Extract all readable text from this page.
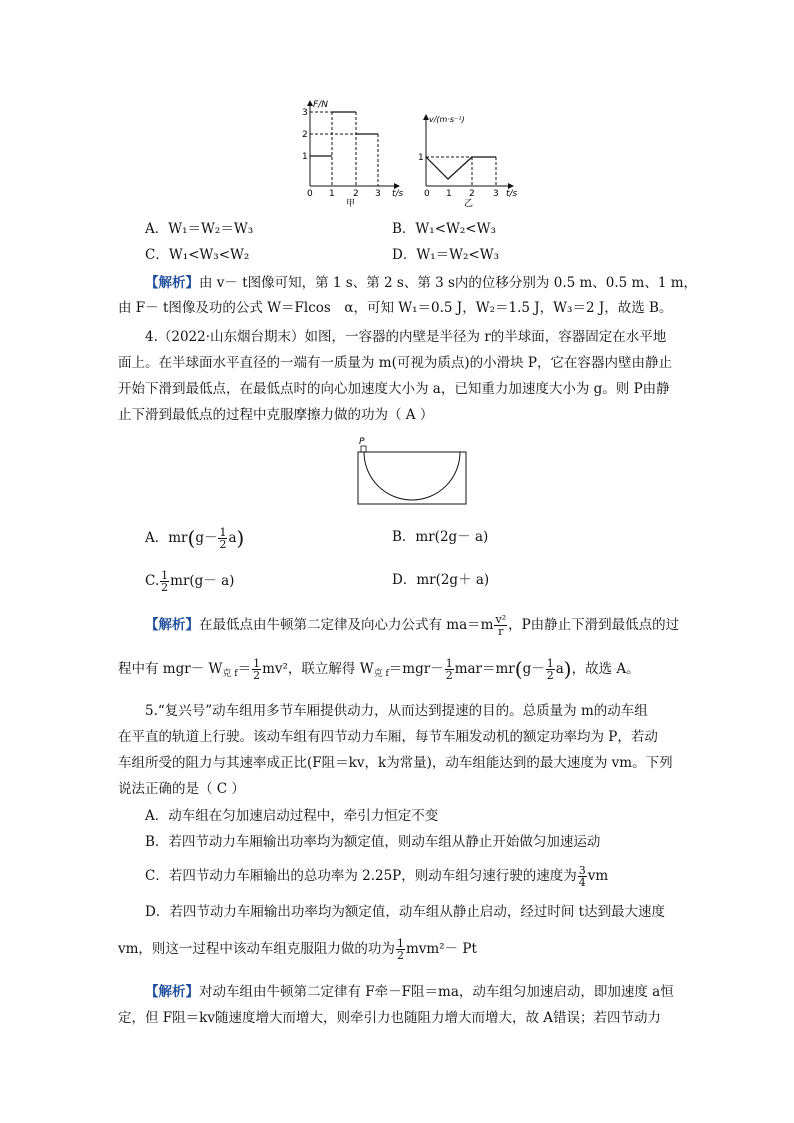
F/N
3
2
1
0 1 2 3 t/s
甲
v/(m·s⁻¹)
1
0 1 2 3 t/s
乙
A．W₁＝W₂＝W₃	B．W₁<W₂<W₃
C．W₁<W₃<W₂	D．W₁＝W₂<W₃
【解析】由 v－ t图像可知，第 1 s、第 2 s、第 3 s内的位移分别为 0.5 m、0.5 m、1 m，
由 F－ t图像及功的公式 W＝Flcos　α，可知 W₁＝0.5 J，W₂＝1.5 J，W₃＝2 J，故选 B。
4.（2022·山东烟台期末）如图，一容器的内壁是半径为 r的半球面，容器固定在水平地
面上。在半球面水平直径的一端有一质量为 m(可视为质点)的小滑块 P，它在容器内壁由静止
开始下滑到最低点，在最低点时的向心加速度大小为 a，已知重力加速度大小为 g。则 P由静
止下滑到最低点的过程中克服摩擦力做的功为（ A ）
P
A．$mr(g- \frac{1}{2} a)$	B．mr(2g－ a)
C. $\frac{1}{2} mr(g- a)$	D．mr(2g＋ a)
【解析】在最低点由牛顿第二定律及向心力公式有 $ma=m \frac{\text{v²}}{r}$ ，P由静止下滑到最低点的过
程中有 $mgr- W_{克 f}= \frac{1}{2} mv^2$，联立解得 $W_{克 f}=mgr- \frac{1}{2} mar=mr(g- \frac{1}{2} a)$，故选 A。
5.“复兴号”动车组用多节车厢提供动力，从而达到提速的目的。总质量为 m的动车组
在平直的轨道上行驶。该动车组有四节动力车厢，每节车厢发动机的额定功率均为 P，若动
车组所受的阻力与其速率成正比(F阻＝kv，k为常量)，动车组能达到的最大速度为 vm。下列
说法正确的是（ C ）
A．动车组在匀加速启动过程中，牵引力恒定不变
B．若四节动力车厢输出功率均为额定值，则动车组从静止开始做匀加速运动
C．若四节动力车厢输出的总功率为 2.25P，则动车组匀速行驶的速度为 $\frac{3}{4}$ vm
D．若四节动力车厢输出功率均为额定值，动车组从静止启动，经过时间 t达到最大速度
vm，则这一过程中该动车组克服阻力做的功为 $\frac{1}{2} mvm^2- Pt$
【解析】对动车组由牛顿第二定律有 F牵－F阻＝ma，动车组匀加速启动，即加速度 a恒
定，但 F阻＝kv随速度增大而增大，则牵引力也随阻力增大而增大，故 A错误；若四节动力
